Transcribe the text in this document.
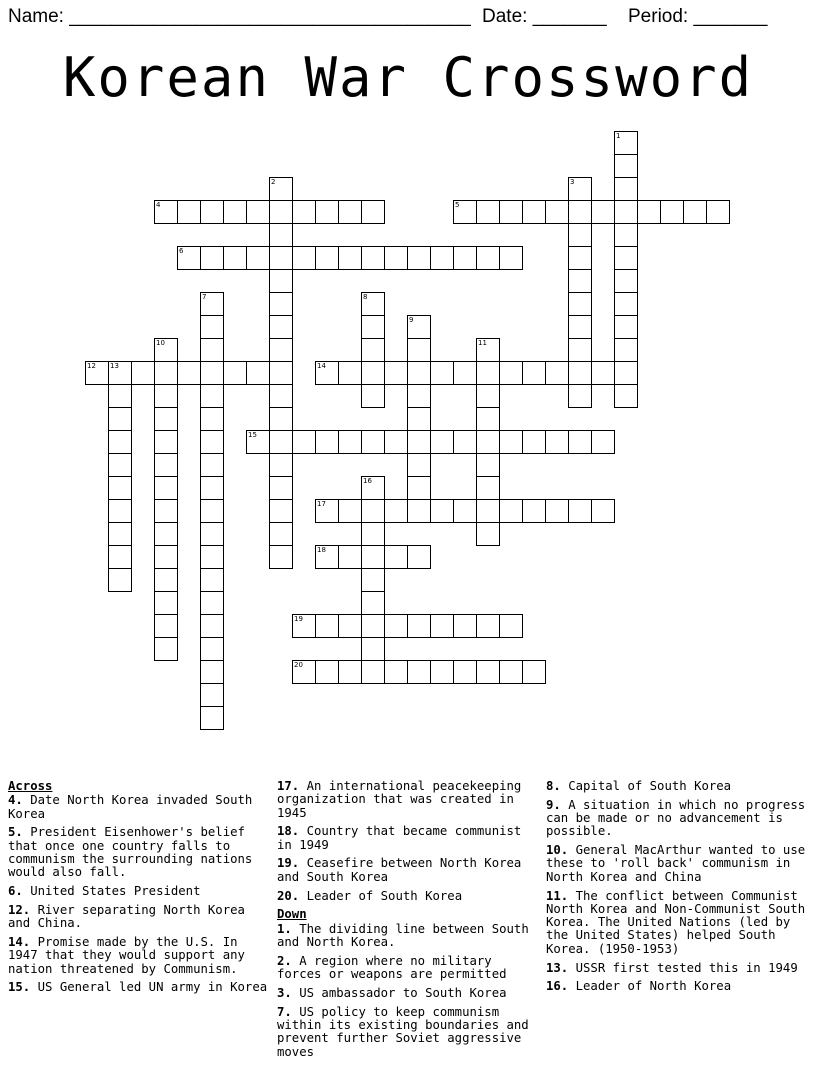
Name: ______________________________________ Date: _______ Period: _______
Korean War Crossword
1
2	3
4	5
6
7	8
9
10	11
12 13	14
15
16
17
18
19
20
Across
4. Date North Korea invaded South Korea
5. President Eisenhower's belief that once one country falls to communism the surrounding nations would also fall.
6. United States President
12. River separating North Korea and China.
14. Promise made by the U.S. In 1947 that they would support any nation threatened by Communism.
15. US General led UN army in Korea
17. An international peacekeeping organization that was created in 1945
18. Country that became communist in 1949
19. Ceasefire between North Korea and South Korea
20. Leader of South Korea
Down
1. The dividing line between South and North Korea.
2. A region where no military forces or weapons are permitted
3. US ambassador to South Korea
7. US policy to keep communism within its existing boundaries and prevent further Soviet aggressive moves
8. Capital of South Korea
9. A situation in which no progress can be made or no advancement is possible.
10. General MacArthur wanted to use these to 'roll back' communism in North Korea and China
11. The conflict between Communist North Korea and Non-Communist South Korea. The United Nations (led by the United States) helped South Korea. (1950-1953)
13. USSR first tested this in 1949
16. Leader of North Korea
